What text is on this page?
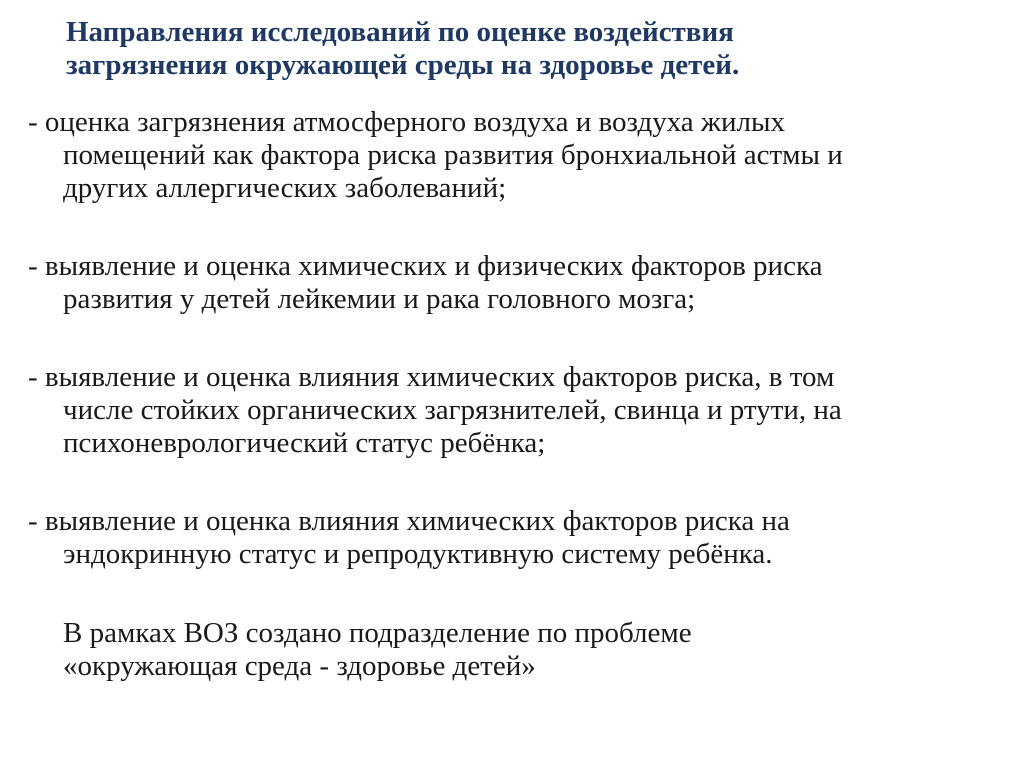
Направления исследований по оценке воздействия
загрязнения окружающей среды на здоровье детей.
- оценка загрязнения атмосферного воздуха и воздуха жилых
помещений как фактора риска развития бронхиальной астмы и
других аллергических заболеваний;
- выявление и оценка химических и физических факторов риска
развития у детей лейкемии и рака головного мозга;
- выявление и оценка влияния химических факторов риска, в том
числе стойких органических загрязнителей, свинца и ртути, на
психоневрологический статус ребёнка;
- выявление и оценка влияния химических факторов риска на
эндокринную статус и репродуктивную систему ребёнка.
В рамках ВОЗ создано подразделение по проблеме
«окружающая среда - здоровье детей»
